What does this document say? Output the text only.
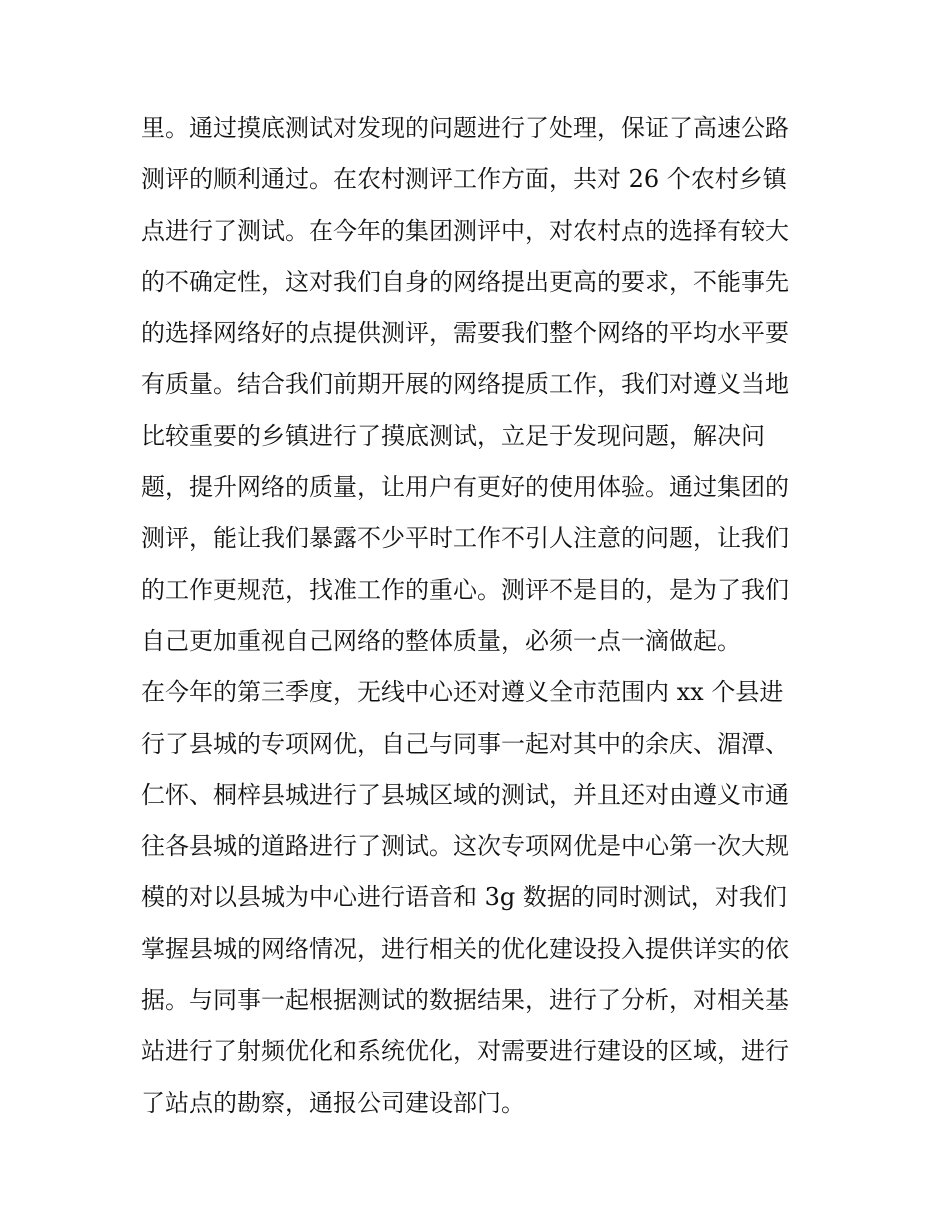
里。通过摸底测试对发现的问题进行了处理，保证了高速公路
测评的顺利通过。在农村测评工作方面，共对 26 个农村乡镇
点进行了测试。在今年的集团测评中，对农村点的选择有较大
的不确定性，这对我们自身的网络提出更高的要求，不能事先
的选择网络好的点提供测评，需要我们整个网络的平均水平要
有质量。结合我们前期开展的网络提质工作，我们对遵义当地
比较重要的乡镇进行了摸底测试，立足于发现问题，解决问
题，提升网络的质量，让用户有更好的使用体验。通过集团的
测评，能让我们暴露不少平时工作不引人注意的问题，让我们
的工作更规范，找准工作的重心。测评不是目的，是为了我们
自己更加重视自己网络的整体质量，必须一点一滴做起。
在今年的第三季度，无线中心还对遵义全市范围内 xx 个县进
行了县城的专项网优，自己与同事一起对其中的余庆、湄潭、
仁怀、桐梓县城进行了县城区域的测试，并且还对由遵义市通
往各县城的道路进行了测试。这次专项网优是中心第一次大规
模的对以县城为中心进行语音和 3g 数据的同时测试，对我们
掌握县城的网络情况，进行相关的优化建设投入提供详实的依
据。与同事一起根据测试的数据结果，进行了分析，对相关基
站进行了射频优化和系统优化，对需要进行建设的区域，进行
了站点的勘察，通报公司建设部门。
